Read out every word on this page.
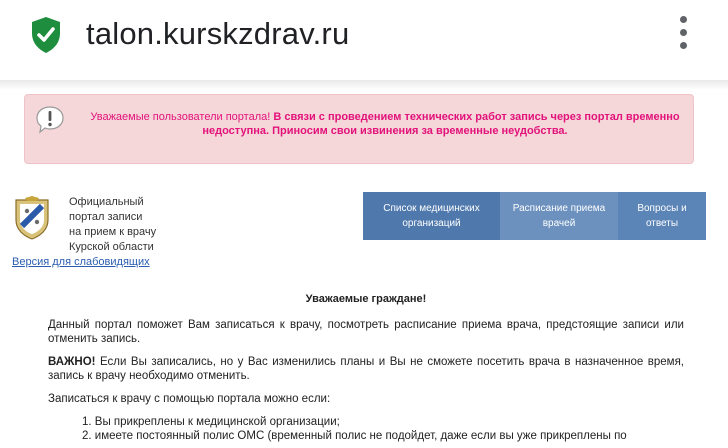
talon.kurskzdrav.ru
Уважаемые пользователи портала! В связи с проведением технических работ запись через портал временно недоступна. Приносим свои извинения за временные неудобства.
Официальный
портал записи
на прием к врачу
Курской области
Версия для слабовидящих
Список медицинских организаций
Расписание приема врачей
Вопросы и ответы
Уважаемые граждане!

Данный портал поможет Вам записаться к врачу, посмотреть расписание приема врача, предстоящие записи или отменить запись.

ВАЖНО! Если Вы записались, но у Вас изменились планы и Вы не сможете посетить врача в назначенное время, запись к врачу необходимо отменить.

Записаться к врачу с помощью портала можно если:

1. Вы прикреплены к медицинской организации;
2. имеете постоянный полис ОМС (временный полис не подойдет, даже если вы уже прикреплены по
